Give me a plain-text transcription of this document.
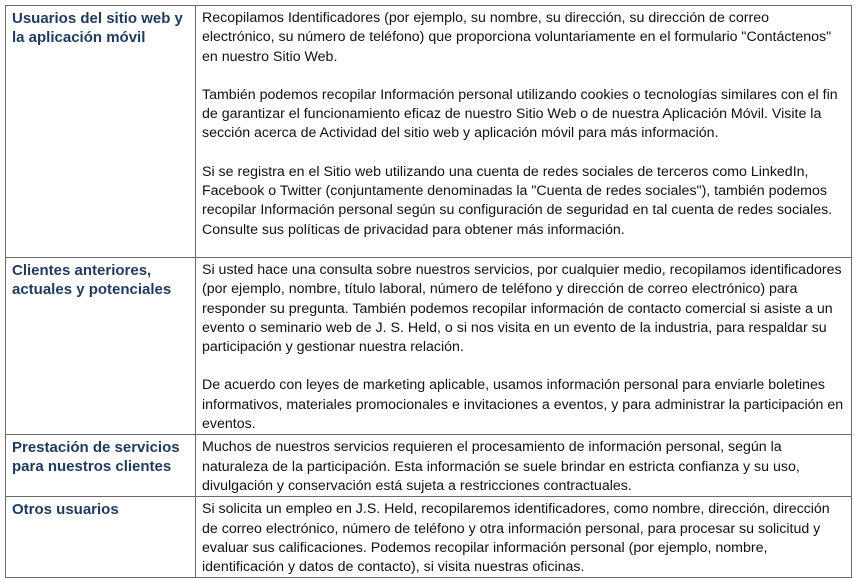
Usuarios del sitio web y la aplicación móvil	Recopilamos Identificadores (por ejemplo, su nombre, su dirección, su dirección de correo electrónico, su número de teléfono) que proporciona voluntariamente en el formulario "Contáctenos" en nuestro Sitio Web.

También podemos recopilar Información personal utilizando cookies o tecnologías similares con el fin de garantizar el funcionamiento eficaz de nuestro Sitio Web o de nuestra Aplicación Móvil. Visite la sección acerca de Actividad del sitio web y aplicación móvil para más información.

Si se registra en el Sitio web utilizando una cuenta de redes sociales de terceros como LinkedIn, Facebook o Twitter (conjuntamente denominadas la "Cuenta de redes sociales"), también podemos recopilar Información personal según su configuración de seguridad en tal cuenta de redes sociales. Consulte sus políticas de privacidad para obtener más información.

Clientes anteriores, actuales y potenciales	Si usted hace una consulta sobre nuestros servicios, por cualquier medio, recopilamos identificadores (por ejemplo, nombre, título laboral, número de teléfono y dirección de correo electrónico) para responder su pregunta. También podemos recopilar información de contacto comercial si asiste a un evento o seminario web de J. S. Held, o si nos visita en un evento de la industria, para respaldar su participación y gestionar nuestra relación.

De acuerdo con leyes de marketing aplicable, usamos información personal para enviarle boletines informativos, materiales promocionales e invitaciones a eventos, y para administrar la participación en eventos.

Prestación de servicios para nuestros clientes	Muchos de nuestros servicios requieren el procesamiento de información personal, según la naturaleza de la participación. Esta información se suele brindar en estricta confianza y su uso, divulgación y conservación está sujeta a restricciones contractuales.

Otros usuarios	Si solicita un empleo en J.S. Held, recopilaremos identificadores, como nombre, dirección, dirección de correo electrónico, número de teléfono y otra información personal, para procesar su solicitud y evaluar sus calificaciones. Podemos recopilar información personal (por ejemplo, nombre, identificación y datos de contacto), si visita nuestras oficinas.
